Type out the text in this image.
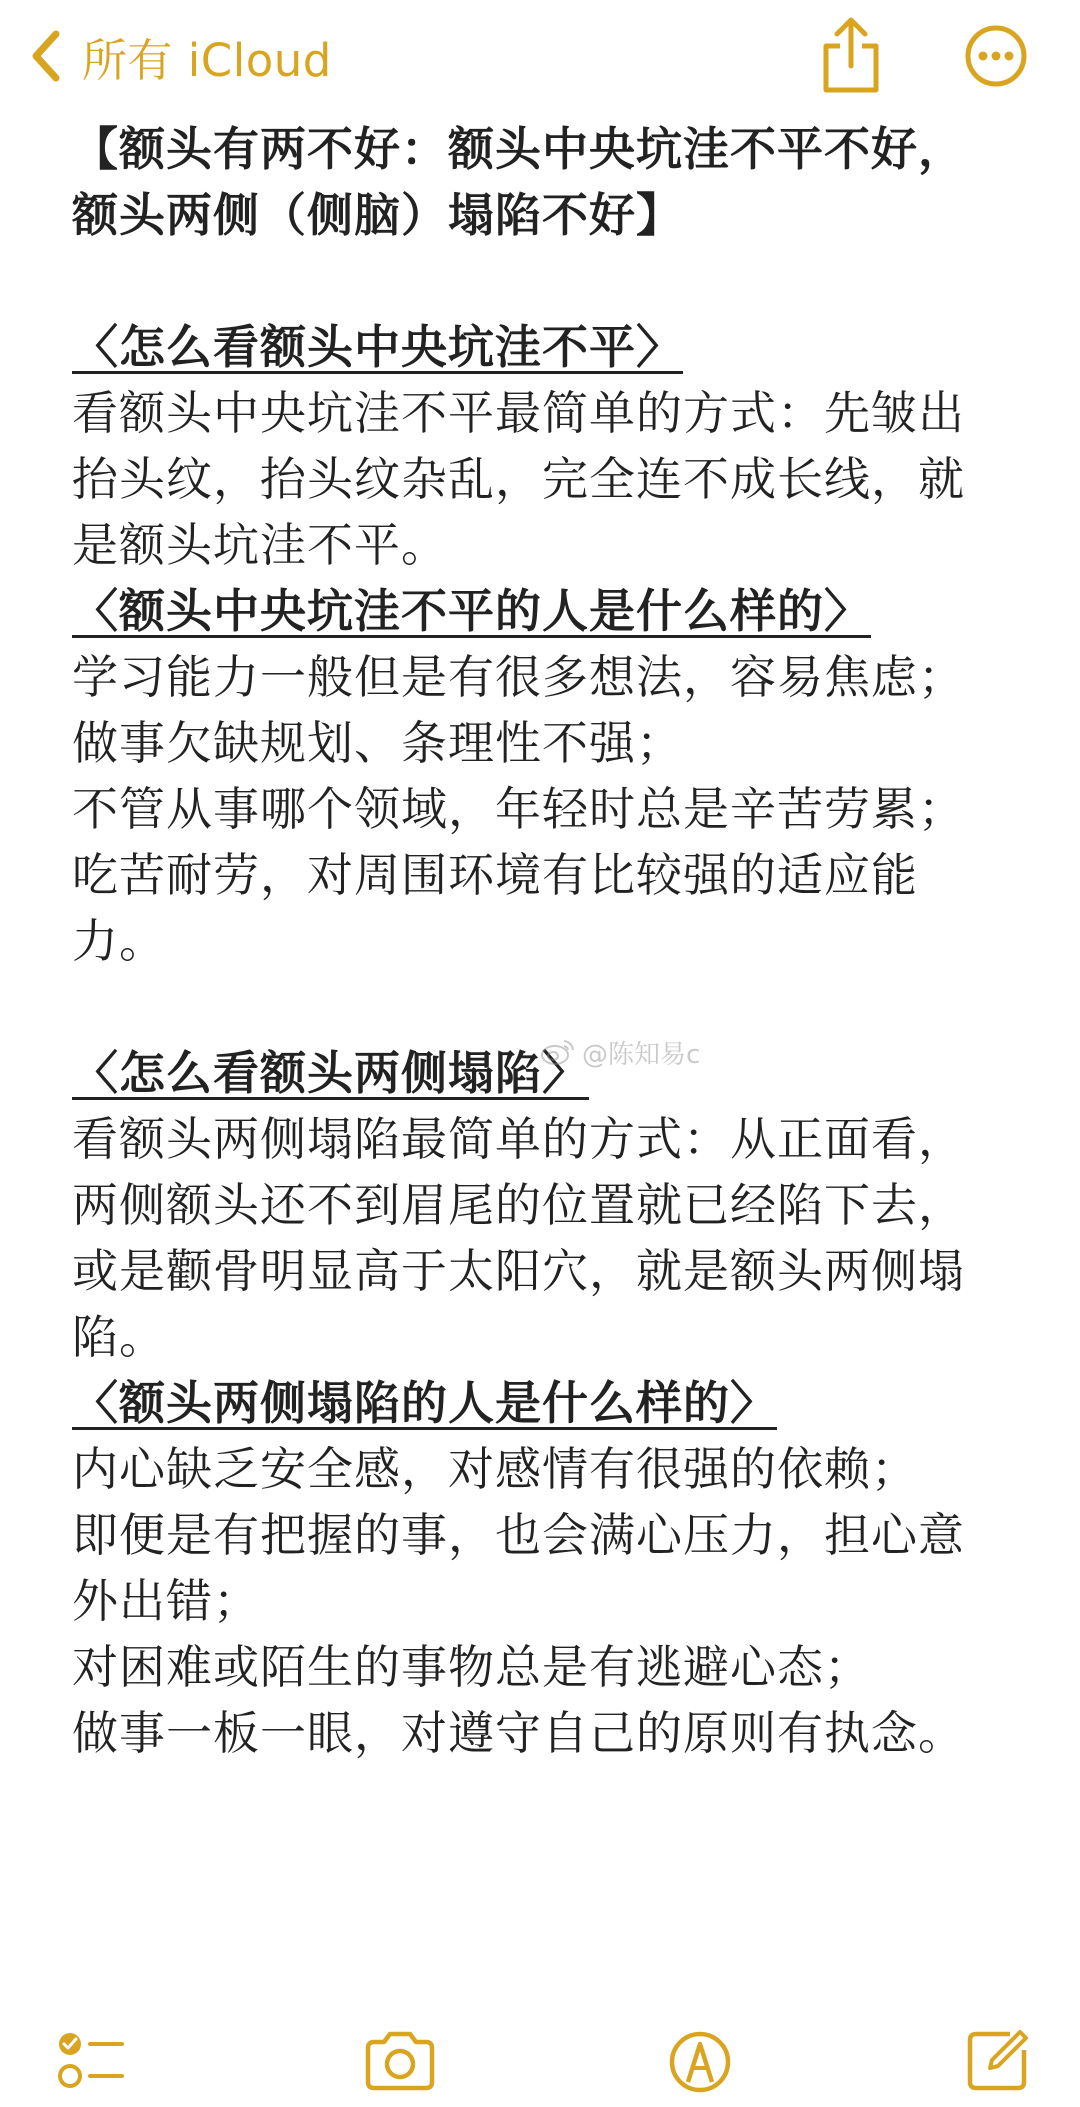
所有 iCloud
【额头有两不好：额头中央坑洼不平不好，
额头两侧（侧脑）塌陷不好】
〈怎么看额头中央坑洼不平〉
看额头中央坑洼不平最简单的方式：先皱出
抬头纹，抬头纹杂乱，完全连不成长线，就
是额头坑洼不平。
〈额头中央坑洼不平的人是什么样的〉
学习能力一般但是有很多想法，容易焦虑；
做事欠缺规划、条理性不强；
不管从事哪个领域，年轻时总是辛苦劳累；
吃苦耐劳，对周围环境有比较强的适应能
力。
〈怎么看额头两侧塌陷〉
看额头两侧塌陷最简单的方式：从正面看，
两侧额头还不到眉尾的位置就已经陷下去，
或是颧骨明显高于太阳穴，就是额头两侧塌
陷。
〈额头两侧塌陷的人是什么样的〉
内心缺乏安全感，对感情有很强的依赖；
即便是有把握的事，也会满心压力，担心意
外出错；
对困难或陌生的事物总是有逃避心态；
做事一板一眼，对遵守自己的原则有执念。
@陈知易c
